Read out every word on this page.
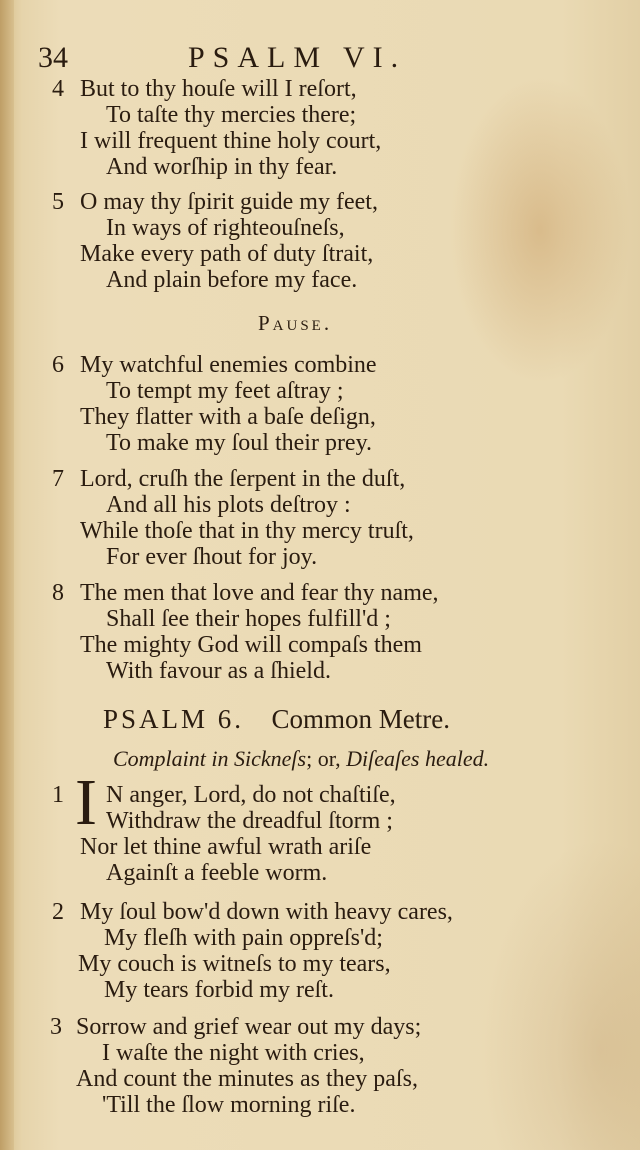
34	PSALM VI.
4 But to thy houſe will I reſort,
To taſte thy mercies there;
I will frequent thine holy court,
And worſhip in thy fear.
5 O may thy ſpirit guide my feet,
In ways of righteouſneſs,
Make every path of duty ſtrait,
And plain before my face.
Pause.
6 My watchful enemies combine
To tempt my feet aſtray ;
They flatter with a baſe deſign,
To make my ſoul their prey.
7 Lord, cruſh the ſerpent in the duſt,
And all his plots deſtroy :
While thoſe that in thy mercy truſt,
For ever ſhout for joy.
8 The men that love and fear thy name,
Shall ſee their hopes fulfill'd ;
The mighty God will compaſs them
With favour as a ſhield.
PSALM 6. Common Metre.
Complaint in Sickneſs; or, Diſeaſes healed.
1 I N anger, Lord, do not chaſtiſe,
Withdraw the dreadful ſtorm ;
Nor let thine awful wrath ariſe
Againſt a feeble worm.
2 My ſoul bow'd down with heavy cares,
My fleſh with pain oppreſs'd;
My couch is witneſs to my tears,
My tears forbid my reſt.
3 Sorrow and grief wear out my days;
I waſte the night with cries,
And count the minutes as they paſs,
'Till the ſlow morning riſe.
